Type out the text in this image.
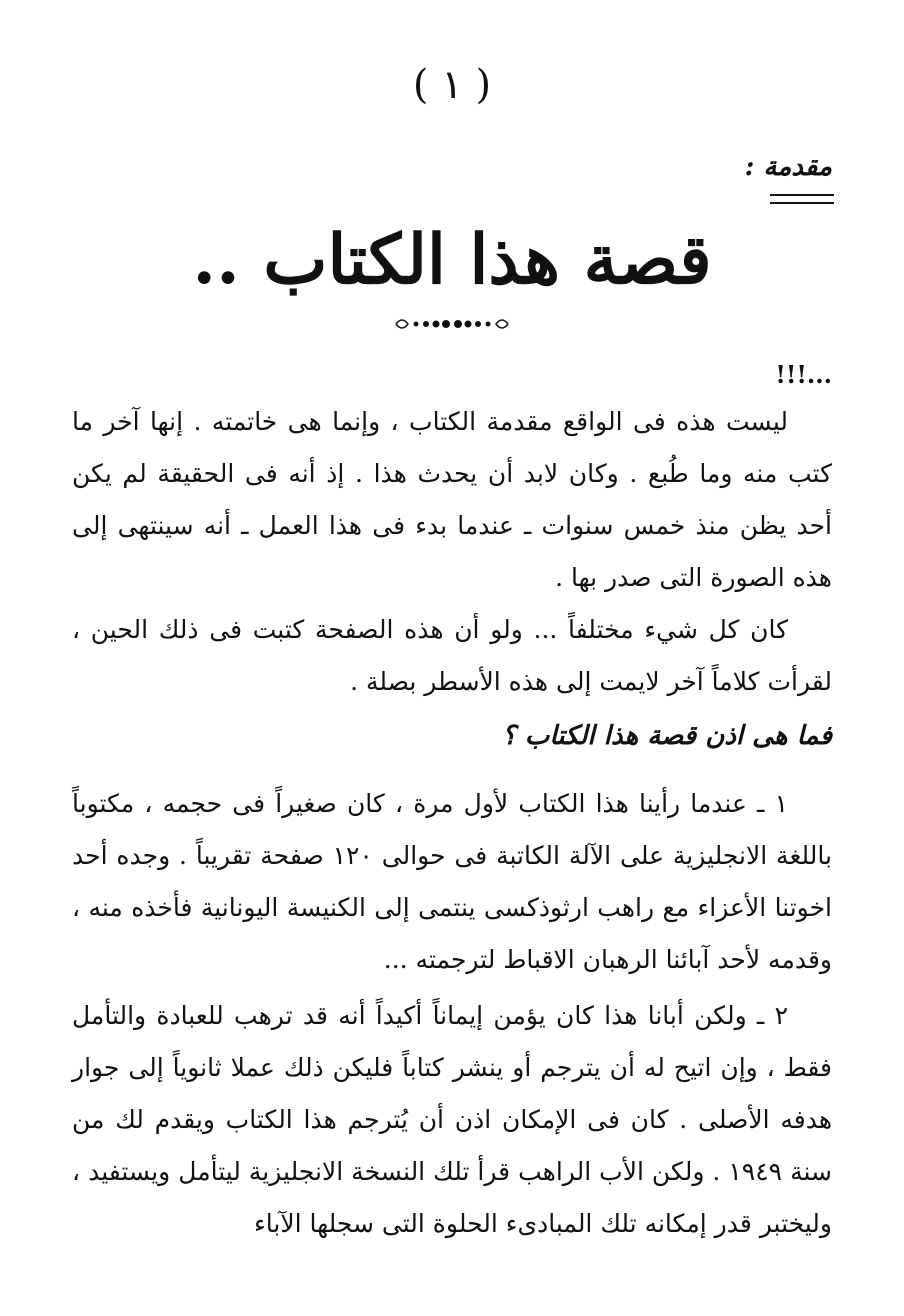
( ١ )
مقدمة :
قصة هذا الكتاب ..
...!!!
ليست هذه فى الواقع مقدمة الكتاب ، وإنما هى خاتمته . إنها آخر ما كتب منه وما طُبع . وكان لابد أن يحدث هذا . إذ أنه فى الحقيقة لم يكن أحد يظن منذ خمس سنوات ـ عندما بدء فى هذا العمل ـ أنه سينتهى إلى هذه الصورة التى صدر بها .
كان كل شيء مختلفاً ... ولو أن هذه الصفحة كتبت فى ذلك الحين ، لقرأت كلاماً آخر لايمت إلى هذه الأسطر بصلة .
فما هى اذن قصة هذا الكتاب ؟
١ ـ عندما رأينا هذا الكتاب لأول مرة ، كان صغيراً فى حجمه ، مكتوباً باللغة الانجليزية على الآلة الكاتبة فى حوالى ١٢٠ صفحة تقريباً . وجده أحد اخوتنا الأعزاء مع راهب ارثوذكسى ينتمى إلى الكنيسة اليونانية فأخذه منه ، وقدمه لأحد آبائنا الرهبان الاقباط لترجمته ...
٢ ـ ولكن أبانا هذا كان يؤمن إيماناً أكيداً أنه قد ترهب للعبادة والتأمل فقط ، وإن اتيح له أن يترجم أو ينشر كتاباً فليكن ذلك عملا ثانوياً إلى جوار هدفه الأصلى . كان فى الإمكان اذن أن يُترجم هذا الكتاب ويقدم لك من سنة ١٩٤٩ . ولكن الأب الراهب قرأ تلك النسخة الانجليزية ليتأمل ويستفيد ، وليختبر قدر إمكانه تلك المبادىء الحلوة التى سجلها الآباء
